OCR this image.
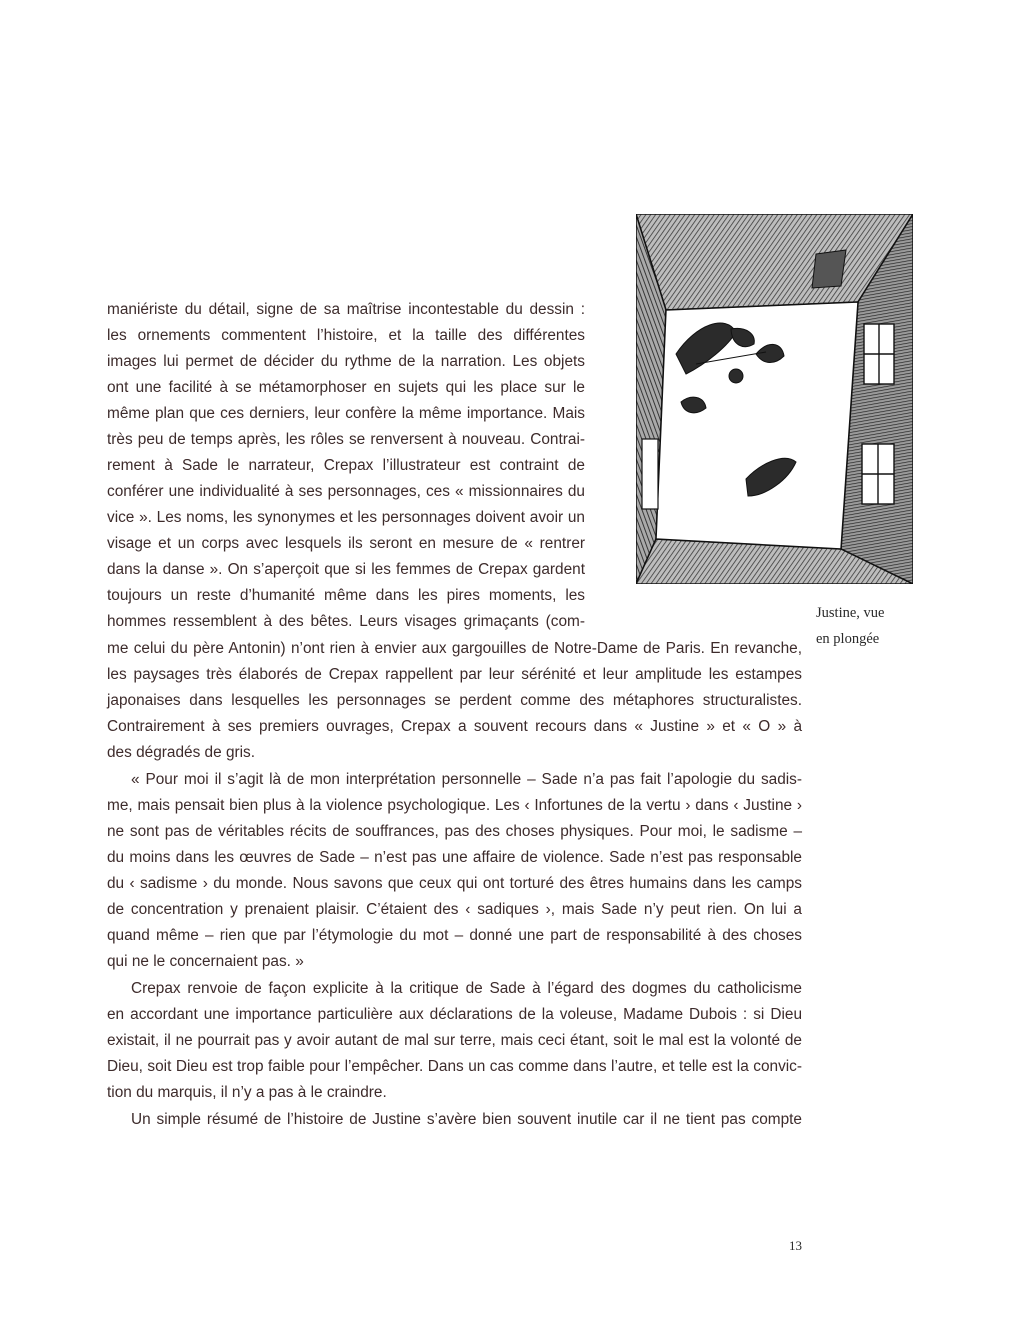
maniériste du détail, signe de sa maîtrise incontestable du dessin :
les ornements commentent l’histoire, et la taille des différentes
images lui permet de décider du rythme de la narration. Les objets
ont une facilité à se métamorphoser en sujets qui les place sur le
même plan que ces derniers, leur confère la même importance. Mais
très peu de temps après, les rôles se renversent à nouveau. Contrai-
rement à Sade le narrateur, Crepax l’illustrateur est contraint de
conférer une individualité à ses personnages, ces « missionnaires du
vice ». Les noms, les synonymes et les personnages doivent avoir un
visage et un corps avec lesquels ils seront en mesure de « rentrer
dans la danse ». On s’aperçoit que si les femmes de Crepax gardent
toujours un reste d’humanité même dans les pires moments, les
hommes ressemblent à des bêtes. Leurs visages grimaçants (com-
me celui du père Antonin) n’ont rien à envier aux gargouilles de Notre-Dame de Paris. En revanche,
les paysages très élaborés de Crepax rappellent par leur sérénité et leur amplitude les estampes
japonaises dans lesquelles les personnages se perdent comme des métaphores structuralistes.
Contrairement à ses premiers ouvrages, Crepax a souvent recours dans « Justine » et « O » à
des dégradés de gris.
« Pour moi il s’agit là de mon interprétation personnelle – Sade n’a pas fait l’apologie du sadis-
me, mais pensait bien plus à la violence psychologique. Les ‹ Infortunes de la vertu › dans ‹ Justine ›
ne sont pas de véritables récits de souffrances, pas des choses physiques. Pour moi, le sadisme –
du moins dans les œuvres de Sade – n’est pas une affaire de violence. Sade n’est pas responsable
du ‹ sadisme › du monde. Nous savons que ceux qui ont torturé des êtres humains dans les camps
de concentration y prenaient plaisir. C’étaient des ‹ sadiques ›, mais Sade n’y peut rien. On lui a
quand même – rien que par l’étymologie du mot – donné une part de responsabilité à des choses
qui ne le concernaient pas. »
Crepax renvoie de façon explicite à la critique de Sade à l’égard des dogmes du catholicisme
en accordant une importance particulière aux déclarations de la voleuse, Madame Dubois : si Dieu
existait, il ne pourrait pas y avoir autant de mal sur terre, mais ceci étant, soit le mal est la volonté de
Dieu, soit Dieu est trop faible pour l’empêcher. Dans un cas comme dans l’autre, et telle est la convic-
tion du marquis, il n’y a pas à le craindre.
Un simple résumé de l’histoire de Justine s’avère bien souvent inutile car il ne tient pas compte
Justine, vue
en plongée
13
